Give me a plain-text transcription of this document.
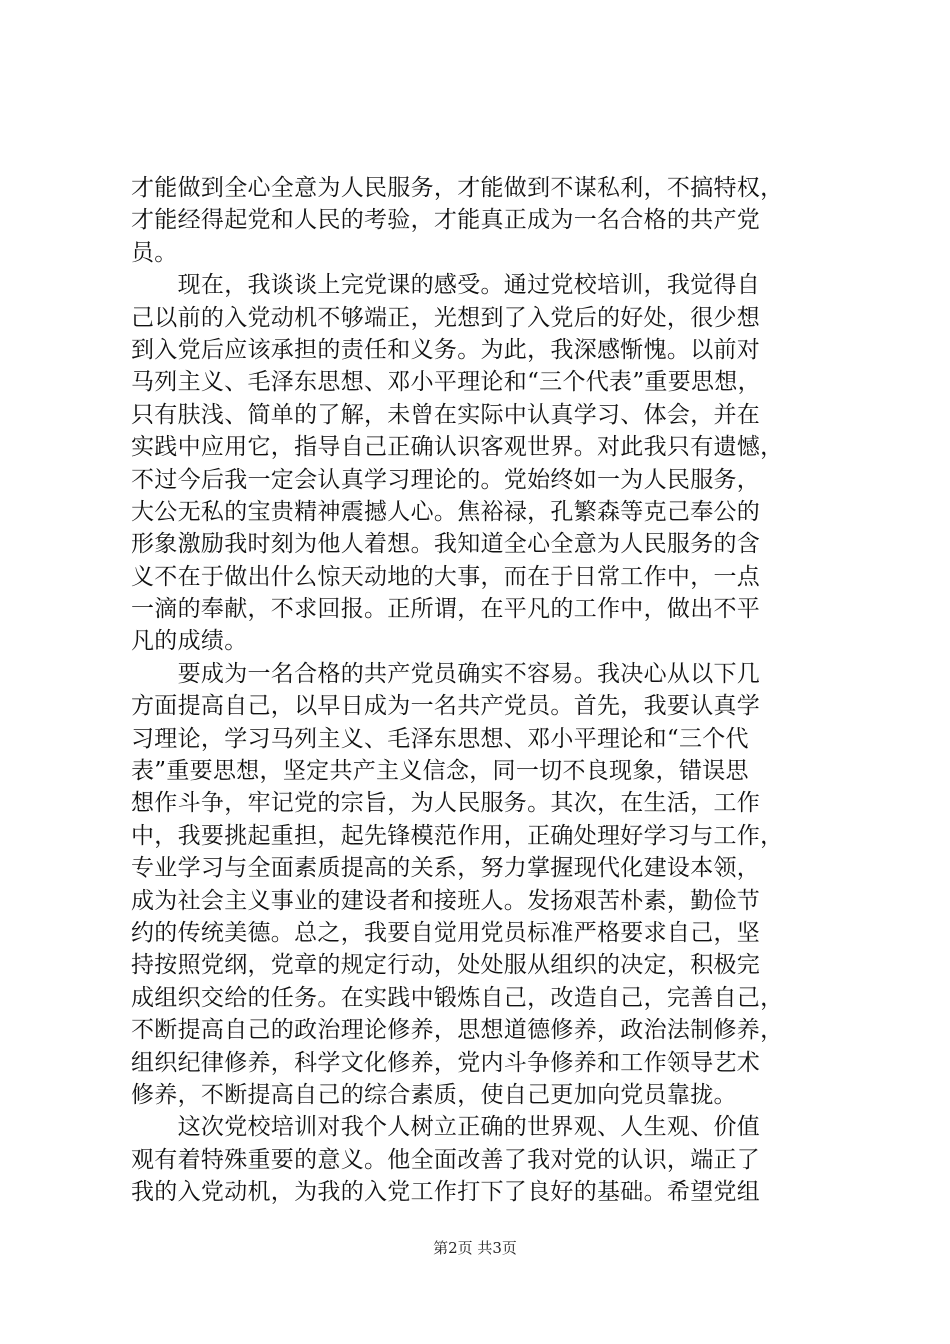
才能做到全心全意为人民服务，才能做到不谋私利，不搞特权，
才能经得起党和人民的考验，才能真正成为一名合格的共产党
员。
　　现在，我谈谈上完党课的感受。通过党校培训，我觉得自
己以前的入党动机不够端正，光想到了入党后的好处，很少想
到入党后应该承担的责任和义务。为此，我深感惭愧。以前对
马列主义、毛泽东思想、邓小平理论和“三个代表”重要思想，
只有肤浅、简单的了解，未曾在实际中认真学习、体会，并在
实践中应用它，指导自己正确认识客观世界。对此我只有遗憾，
不过今后我一定会认真学习理论的。党始终如一为人民服务，
大公无私的宝贵精神震撼人心。焦裕禄，孔繁森等克己奉公的
形象激励我时刻为他人着想。我知道全心全意为人民服务的含
义不在于做出什么惊天动地的大事，而在于日常工作中，一点
一滴的奉献，不求回报。正所谓，在平凡的工作中，做出不平
凡的成绩。
　　要成为一名合格的共产党员确实不容易。我决心从以下几
方面提高自己，以早日成为一名共产党员。首先，我要认真学
习理论，学习马列主义、毛泽东思想、邓小平理论和“三个代
表”重要思想，坚定共产主义信念，同一切不良现象，错误思
想作斗争，牢记党的宗旨，为人民服务。其次，在生活，工作
中，我要挑起重担，起先锋模范作用，正确处理好学习与工作，
专业学习与全面素质提高的关系，努力掌握现代化建设本领，
成为社会主义事业的建设者和接班人。发扬艰苦朴素，勤俭节
约的传统美德。总之，我要自觉用党员标准严格要求自己，坚
持按照党纲，党章的规定行动，处处服从组织的决定，积极完
成组织交给的任务。在实践中锻炼自己，改造自己，完善自己，
不断提高自己的政治理论修养，思想道德修养，政治法制修养，
组织纪律修养，科学文化修养，党内斗争修养和工作领导艺术
修养，不断提高自己的综合素质，使自己更加向党员靠拢。
　　这次党校培训对我个人树立正确的世界观、人生观、价值
观有着特殊重要的意义。他全面改善了我对党的认识，端正了
我的入党动机，为我的入党工作打下了良好的基础。希望党组
第2页 共3页
